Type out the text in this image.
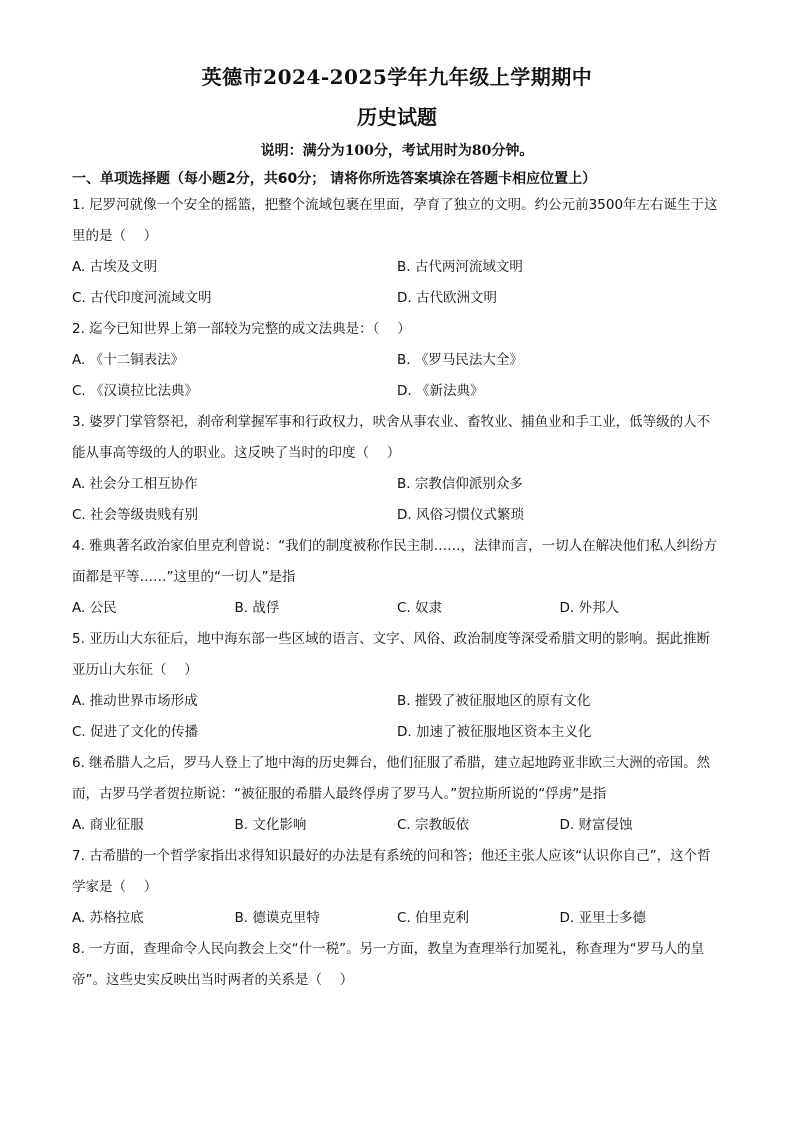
英德市2024-2025学年九年级上学期期中
历史试题

说明：满分为100分，考试用时为80分钟。

一、单项选择题（每小题2分，共60分； 请将你所选答案填涂在答题卡相应位置上）

1. 尼罗河就像一个安全的摇篮，把整个流域包裹在里面，孕育了独立的文明。约公元前3500年左右诞生于这里的是（　 ）

A. 古埃及文明	B. 古代两河流域文明
C. 古代印度河流域文明	D. 古代欧洲文明

2. 迄今已知世界上第一部较为完整的成文法典是：（　 ）

A. 《十二铜表法》	B. 《罗马民法大全》
C. 《汉谟拉比法典》	D. 《新法典》

3. 婆罗门掌管祭祀，刹帝利掌握军事和行政权力，吠舍从事农业、畜牧业、捕鱼业和手工业，低等级的人不能从事高等级的人的职业。这反映了当时的印度（　 ）

A. 社会分工相互协作	B. 宗教信仰派别众多
C. 社会等级贵贱有别	D. 风俗习惯仪式繁琐

4. 雅典著名政治家伯里克利曾说：“我们的制度被称作民主制……，法律而言，一切人在解决他们私人纠纷方面都是平等……”这里的“一切人”是指

A. 公民	B. 战俘	C. 奴隶	D. 外邦人

5. 亚历山大东征后，地中海东部一些区域的语言、文字、风俗、政治制度等深受希腊文明的影响。据此推断亚历山大东征（　 ）

A. 推动世界市场形成	B. 摧毁了被征服地区的原有文化
C. 促进了文化的传播	D. 加速了被征服地区资本主义化

6. 继希腊人之后，罗马人登上了地中海的历史舞台，他们征服了希腊，建立起地跨亚非欧三大洲的帝国。然而，古罗马学者贺拉斯说：“被征服的希腊人最终俘虏了罗马人。”贺拉斯所说的“俘虏”是指

A. 商业征服	B. 文化影响	C. 宗教皈依	D. 财富侵蚀

7. 古希腊的一个哲学家指出求得知识最好的办法是有系统的问和答；他还主张人应该“认识你自己”，这个哲学家是（　 ）

A. 苏格拉底	B. 德谟克里特	C. 伯里克利	D. 亚里士多德

8. 一方面，查理命令人民向教会上交“什一税”。另一方面，教皇为查理举行加冕礼，称查理为“罗马人的皇帝”。这些史实反映出当时两者的关系是（　 ）
